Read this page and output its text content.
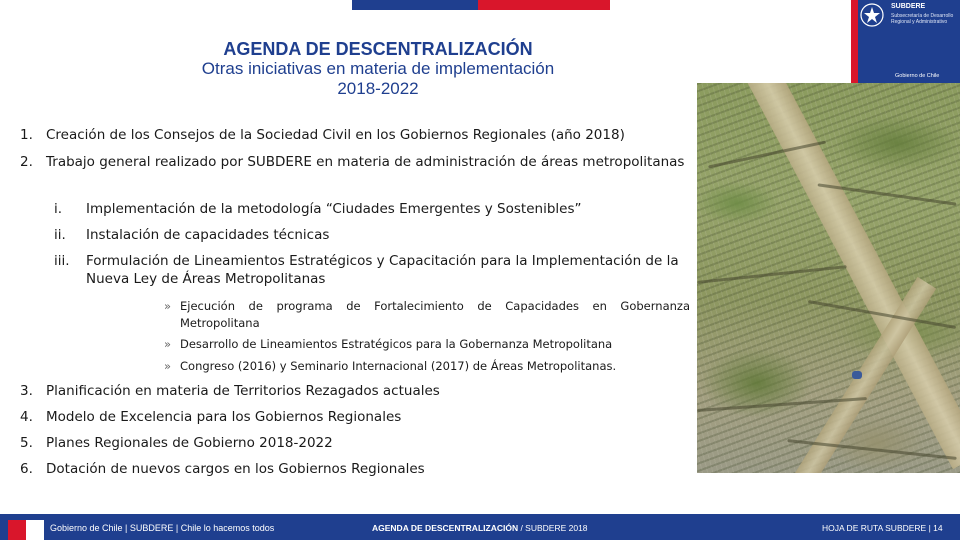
SUBDERE
Subsecretaría de Desarrollo Regional y Administrativo
Gobierno de Chile
AGENDA DE DESCENTRALIZACIÓN
Otras iniciativas en materia de implementación
2018-2022
1. Creación de los Consejos de la Sociedad Civil en los Gobiernos Regionales (año 2018)
2. Trabajo general realizado por SUBDERE en materia de administración de áreas metropolitanas
i. Implementación de la metodología “Ciudades Emergentes y Sostenibles”
ii. Instalación de capacidades técnicas
iii. Formulación de Lineamientos Estratégicos y Capacitación para la Implementación de la Nueva Ley de Áreas Metropolitanas
» Ejecución de programa de Fortalecimiento de Capacidades en Gobernanza Metropolitana
» Desarrollo de Lineamientos Estratégicos para la Gobernanza Metropolitana
» Congreso (2016) y Seminario Internacional (2017) de Áreas Metropolitanas.
3. Planificación en materia de Territorios Rezagados actuales
4. Modelo de Excelencia para los Gobiernos Regionales
5. Planes Regionales de Gobierno 2018-2022
6. Dotación de nuevos cargos en los Gobiernos Regionales
Gobierno de Chile | SUBDERE | Chile lo hacemos todos	AGENDA DE DESCENTRALIZACIÓN / SUBDERE 2018	HOJA DE RUTA SUBDERE | 14
